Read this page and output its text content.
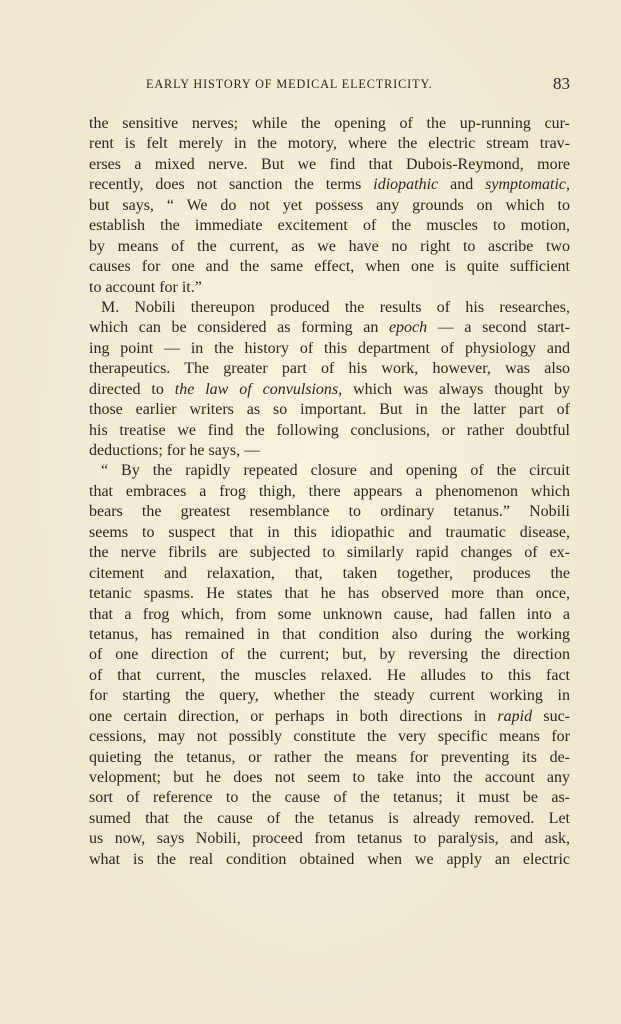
EARLY HISTORY OF MEDICAL ELECTRICITY.	83
the sensitive nerves; while the opening of the up-running cur-
rent is felt merely in the motory, where the electric stream trav-
erses a mixed nerve. But we find that Dubois-Reymond, more
recently, does not sanction the terms idiopathic and symptomatic,
but says, “ We do not yet possess any grounds on which to
establish the immediate excitement of the muscles to motion,
by means of the current, as we have no right to ascribe two
causes for one and the same effect, when one is quite sufficient
to account for it.”
M. Nobili thereupon produced the results of his researches,
which can be considered as forming an epoch — a second start-
ing point — in the history of this department of physiology and
therapeutics. The greater part of his work, however, was also
directed to the law of convulsions, which was always thought by
those earlier writers as so important. But in the latter part of
his treatise we find the following conclusions, or rather doubtful
deductions; for he says, —
“ By the rapidly repeated closure and opening of the circuit
that embraces a frog thigh, there appears a phenomenon which
bears the greatest resemblance to ordinary tetanus.” Nobili
seems to suspect that in this idiopathic and traumatic disease,
the nerve fibrils are subjected to similarly rapid changes of ex-
citement and relaxation, that, taken together, produces the
tetanic spasms. He states that he has observed more than once,
that a frog which, from some unknown cause, had fallen into a
tetanus, has remained in that condition also during the working
of one direction of the current; but, by reversing the direction
of that current, the muscles relaxed. He alludes to this fact
for starting the query, whether the steady current working in
one certain direction, or perhaps in both directions in rapid suc-
cessions, may not possibly constitute the very specific means for
quieting the tetanus, or rather the means for preventing its de-
velopment; but he does not seem to take into the account any
sort of reference to the cause of the tetanus; it must be as-
sumed that the cause of the tetanus is already removed. Let
us now, says Nobili, proceed from tetanus to paralysis, and ask,
what is the real condition obtained when we apply an electric
